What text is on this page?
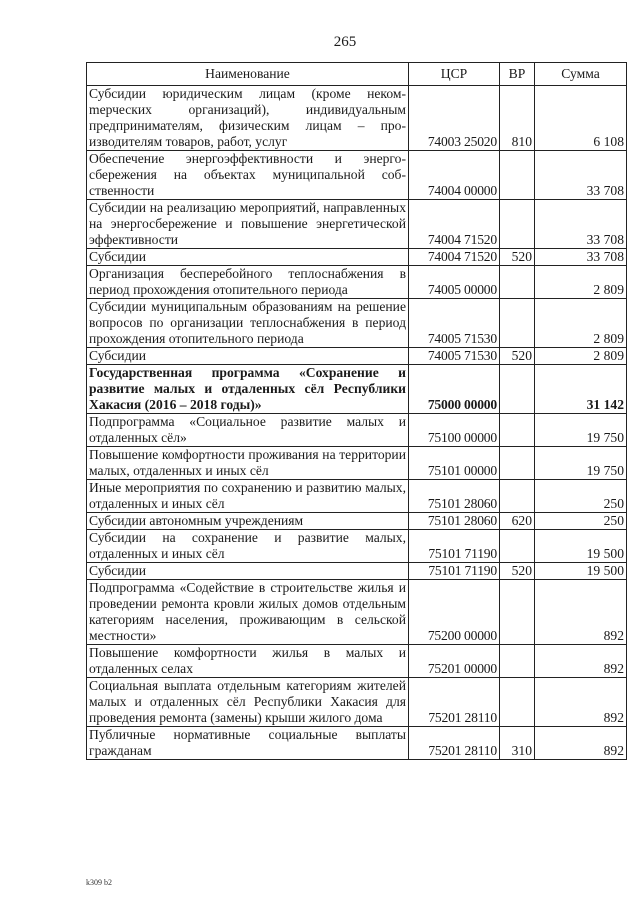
265
Наименование	ЦСР	ВР	Сумма
Субсидии юридическим лицам (кроме некомmерческих организаций), индивидуальным предпринимателям, физическим лицам – производителям товаров, работ, услуг	74003 25020	810	6 108
Обеспечение энергоэффективности и энергосбережения на объектах муниципальной собственности	74004 00000		33 708
Субсидии на реализацию мероприятий, направленных на энергосбережение и повышение энергетической эффективности	74004 71520		33 708
Субсидии	74004 71520	520	33 708
Организация бесперебойного теплоснабжения в период прохождения отопительного периода	74005 00000		2 809
Субсидии муниципальным образованиям на решение вопросов по организации теплоснабжения в период прохождения отопительного периода	74005 71530		2 809
Субсидии	74005 71530	520	2 809
Государственная программа «Сохранение и развитие малых и отдаленных сёл Республики Хакасия (2016 – 2018 годы)»	75000 00000		31 142
Подпрограмма «Социальное развитие малых и отдаленных сёл»	75100 00000		19 750
Повышение комфортности проживания на территории малых, отдаленных и иных сёл	75101 00000		19 750
Иные мероприятия по сохранению и развитию малых, отдаленных и иных сёл	75101 28060		250
Субсидии автономным учреждениям	75101 28060	620	250
Субсидии на сохранение и развитие малых, отдаленных и иных сёл	75101 71190		19 500
Субсидии	75101 71190	520	19 500
Подпрограмма «Содействие в строительстве жилья и проведении ремонта кровли жилых домов отдельным категориям населения, проживающим в сельской местности»	75200 00000		892
Повышение комфортности жилья в малых и отдаленных селах	75201 00000		892
Социальная выплата отдельным категориям жителей малых и отдаленных сёл Республики Хакасия для проведения ремонта (замены) крыши жилого дома	75201 28110		892
Публичные нормативные социальные выплаты гражданам	75201 28110	310	892
k309 b2
